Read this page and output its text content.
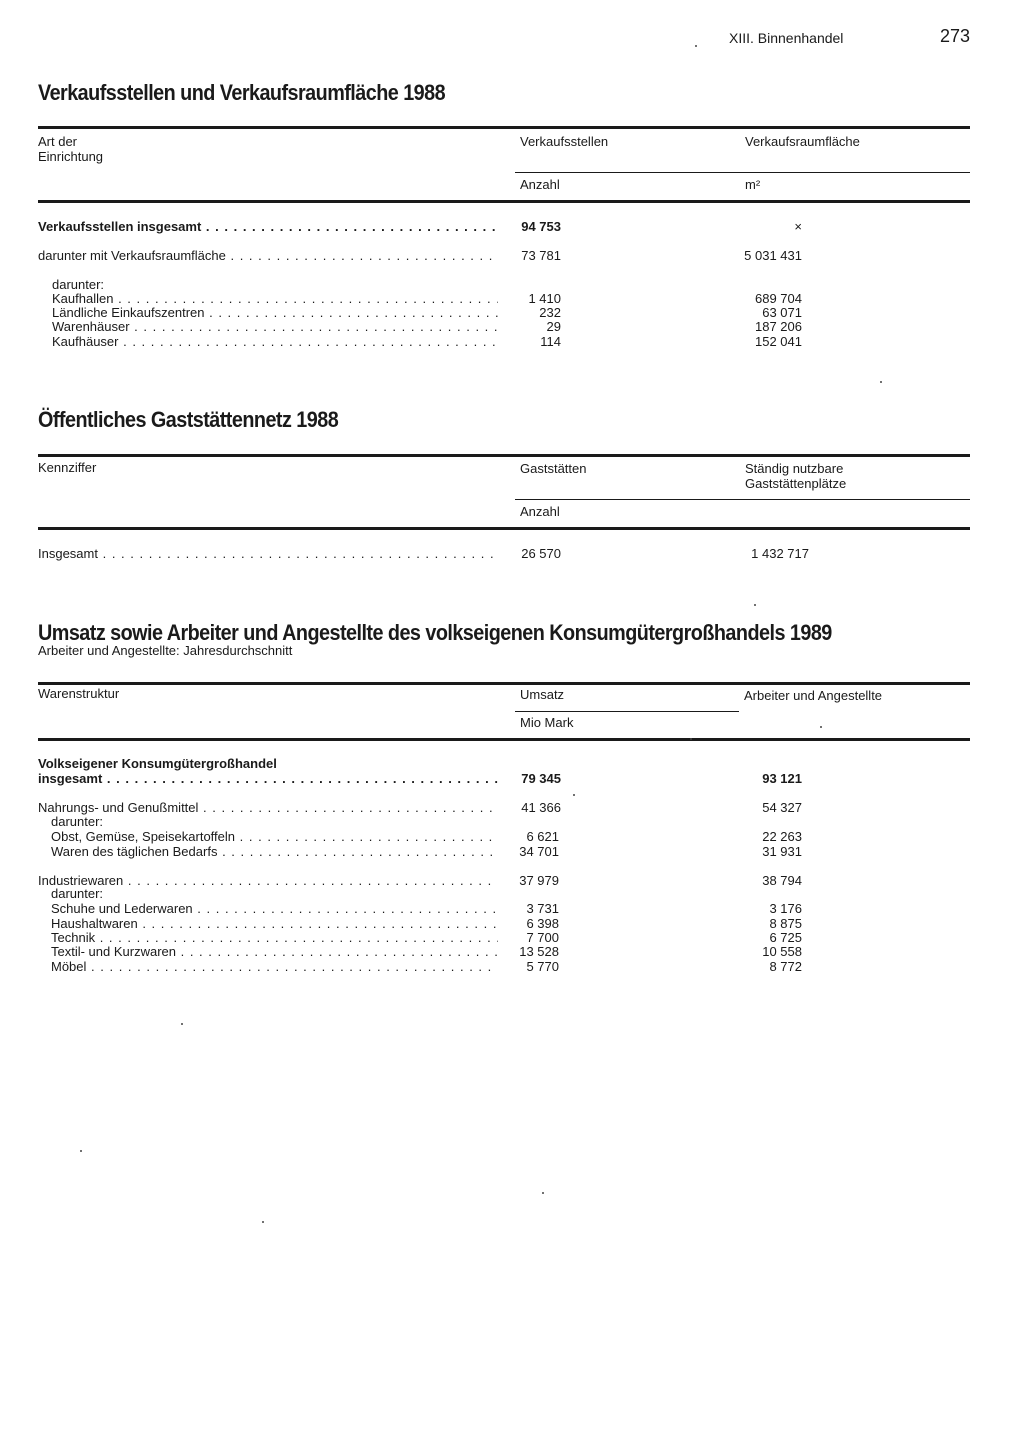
XIII. Binnenhandel	273
Verkaufsstellen und Verkaufsraumfläche 1988
Art der
Einrichtung
Verkaufsstellen	Verkaufsraumfläche
Anzahl	m²
Verkaufsstellen insgesamt . . .	94 753	×
darunter mit Verkaufsraumfläche . . .	73 781	5 031 431
darunter:
Kaufhallen . . .	1 410	689 704
Ländliche Einkaufszentren . . .	232	63 071
Warenhäuser . . .	29	187 206
Kaufhäuser . . .	114	152 041
Öffentliches Gaststättennetz 1988
Kennziffer	Gaststätten	Ständig nutzbare
Gaststättenplätze
Anzahl
Insgesamt . . .	26 570	1 432 717
Umsatz sowie Arbeiter und Angestellte des volkseigenen Konsumgütergroßhandels 1989
Arbeiter und Angestellte: Jahresdurchschnitt
Warenstruktur	Umsatz	Arbeiter und Angestellte
Mio Mark
Volkseigener Konsumgütergroßhandel
insgesamt . . .	79 345	93 121
Nahrungs- und Genußmittel . . .	41 366	54 327
darunter:
Obst, Gemüse, Speisekartoffeln . . .	6 621	22 263
Waren des täglichen Bedarfs . . .	34 701	31 931
Industriewaren . . .	37 979	38 794
darunter:
Schuhe und Lederwaren . . .	3 731	3 176
Haushaltwaren . . .	6 398	8 875
Technik . . .	7 700	6 725
Textil- und Kurzwaren . . .	13 528	10 558
Möbel . . .	5 770	8 772
